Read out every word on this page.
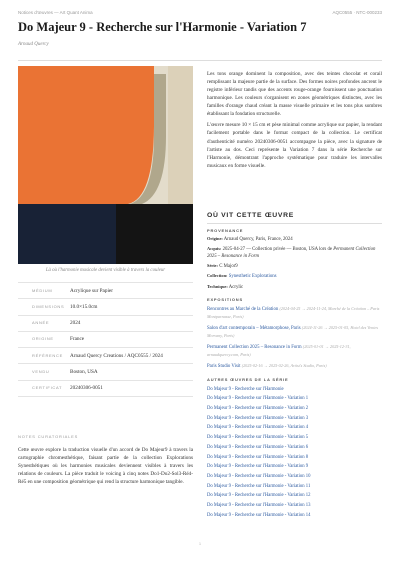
Notices d'œuvres — Art Quant Anima	AQC0555 · NTC-000233
Do Majeur 9 - Recherche sur l'Harmonie - Variation 7
Arnaud Quercy
Là où l'harmonie musicale devient visible à travers la couleur
MÉDIUM	Acrylique sur Papier
DIMENSIONS	10.0×15.0cm
ANNÉE	2024
ORIGINE	France
RÉFÉRENCE	Arnaud Quercy Creations / AQC0555 / 2024
VENDU	Boston, USA
CERTIFICAT	20240306-0051
NOTES CURATORIALES

Cette œuvre explore la traduction visuelle d'un accord de Do Majeur9 à travers la cartographie chromesthétique, faisant partie de la collection Explorations Synesthétiques où les harmonies musicales deviennent visibles à travers les relations de couleurs. La pièce traduit le voicing à cinq notes Do1-Do2-Sol3-Ré4-Ré5 en une composition géométrique qui rend la structure harmonique tangible.

Les tons orange dominent la composition, avec des teintes chocolat et corail remplissant la majeure partie de la surface. Des formes noires profondes ancrent le registre inférieur tandis que des accents rouge-orange fournissent une ponctuation harmonique. Les couleurs s'organisent en zones géométriques distinctes, avec les familles d'orange chaud créant la masse visuelle primaire et les tons plus sombres établissant la fondation structurelle.

L'œuvre mesure 10 × 15 cm et pèse minimal comme acrylique sur papier, la rendant facilement portable dans le format compact de la collection. Le certificat d'authenticité numéro 20240306-0051 accompagne la pièce, avec la signature de l'artiste au dos. Ceci représente la Variation 7 dans la série Recherche sur l'Harmonie, démontrant l'approche systématique pour traduire les intervalles musicaux en forme visuelle.

OÙ VIT CETTE ŒUVRE
PROVENANCE
Origine: Arnaud Quercy, Paris, France, 2024
Acquis: 2025-04-27 — Collection privée — Boston, USA lors de Permanent Collection 2025 – Resonance in Form
Série: C Major9
Collection: Synesthetic Explorations
Technique: Acrylic
EXPOSITIONS
Rencontres au Marché de la Création (2024-04-25 → 2024-11-24, Marché de la Création – Paris Montparnasse, Paris)
Salon d'art contemporain – Métamorphose, Paris (2024-11-26 → 2025-01-05, Hotel des Ventes Morvany, Paris)
Permanent Collection 2025 – Resonance in Form (2025-01-01 → 2025-12-31, arnaudquercy.com, Paris)
Paris Studio Visit (2025-02-16 → 2025-02-26, Artist's Studio, Paris)
AUTRES ŒUVRES DE LA SÉRIE
Do Majeur 9 - Recherche sur l'Harmonie
Do Majeur 9 - Recherche sur l'Harmonie - Variation 1
Do Majeur 9 - Recherche sur l'Harmonie - Variation 2
Do Majeur 9 - Recherche sur l'Harmonie - Variation 3
Do Majeur 9 - Recherche sur l'Harmonie - Variation 4
Do Majeur 9 - Recherche sur l'Harmonie - Variation 5
Do Majeur 9 - Recherche sur l'Harmonie - Variation 6
Do Majeur 9 - Recherche sur l'Harmonie - Variation 8
Do Majeur 9 - Recherche sur l'Harmonie - Variation 9
Do Majeur 9 - Recherche sur l'Harmonie - Variation 10
Do Majeur 9 - Recherche sur l'Harmonie - Variation 11
Do Majeur 9 - Recherche sur l'Harmonie - Variation 12
Do Majeur 9 - Recherche sur l'Harmonie - Variation 13
Do Majeur 9 - Recherche sur l'Harmonie - Variation 14
1
